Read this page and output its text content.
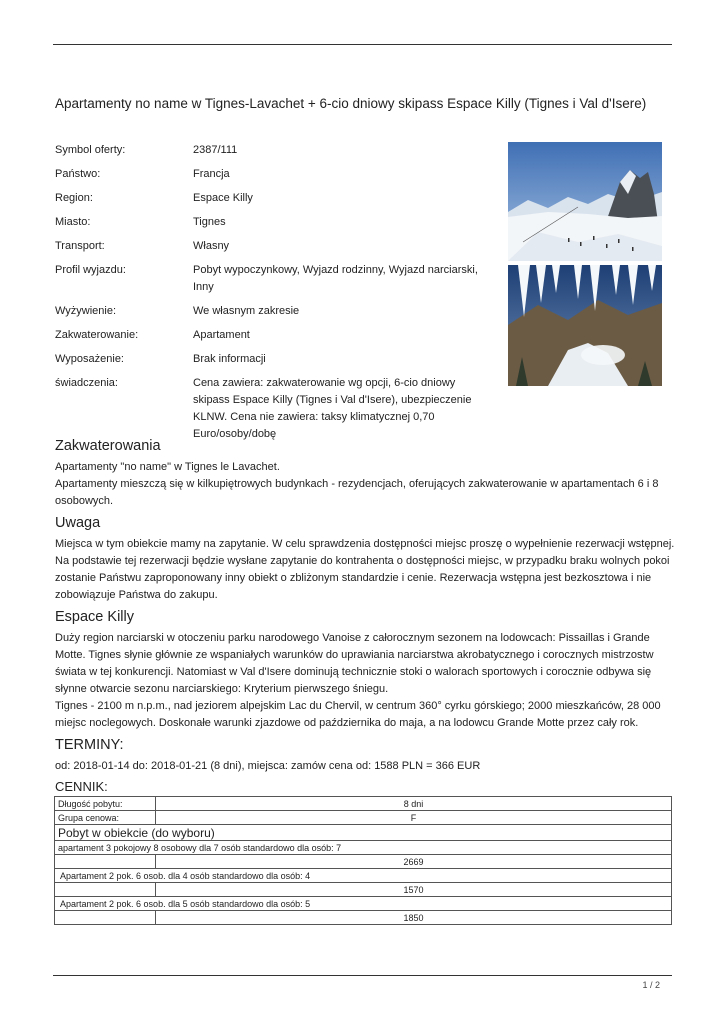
Apartamenty no name w Tignes-Lavachet + 6-cio dniowy skipass Espace Killy (Tignes i Val d'Isere)
Symbol oferty:	2387/111
Państwo:	Francja
Region:	Espace Killy
Miasto:	Tignes
Transport:	Własny
Profil wyjazdu:	Pobyt wypoczynkowy, Wyjazd rodzinny, Wyjazd narciarski, Inny
Wyżywienie:	We własnym zakresie
Zakwaterowanie:	Apartament
Wyposażenie:	Brak informacji
świadczenia:	Cena zawiera: zakwaterowanie wg opcji, 6-cio dniowy skipass Espace Killy (Tignes i Val d'Isere), ubezpieczenie KLNW. Cena nie zawiera: taksy klimatycznej 0,70 Euro/osoby/dobę
Zakwaterowania

Apartamenty "no name" w Tignes le Lavachet.

Apartamenty mieszczą się w kilkupiętrowych budynkach - rezydencjach, oferujących zakwaterowanie w apartamentach 6 i 8 osobowych.

Uwaga

Miejsca w tym obiekcie mamy na zapytanie. W celu sprawdzenia dostępności miejsc proszę o wypełnienie rezerwacji wstępnej. Na podstawie tej rezerwacji będzie wysłane zapytanie do kontrahenta o dostępności miejsc, w przypadku braku wolnych pokoi zostanie Państwu zaproponowany inny obiekt o zbliżonym standardzie i cenie. Rezerwacja wstępna jest bezkosztowa i nie zobowiązuje Państwa do zakupu.

Espace Killy

Duży region narciarski w otoczeniu parku narodowego Vanoise z całorocznym sezonem na lodowcach: Pissaillas i Grande Motte. Tignes słynie głównie ze wspaniałych warunków do uprawiania narciarstwa akrobatycznego i corocznych mistrzostw świata w tej konkurencji. Natomiast w Val d'Isere dominują technicznie stoki o walorach sportowych i corocznie odbywa się słynne otwarcie sezonu narciarskiego: Kryterium pierwszego śniegu.

Tignes - 2100 m n.p.m., nad jeziorem alpejskim Lac du Chervil, w centrum 360° cyrku górskiego; 2000 mieszkańców, 28 000 miejsc noclegowych. Doskonałe warunki zjazdowe od października do maja, a na lodowcu Grande Motte przez cały rok.

TERMINY:

od: 2018-01-14 do: 2018-01-21 (8 dni), miejsca: zamów cena od: 1588 PLN = 366 EUR

CENNIK:
Długość pobytu:	8 dni
Grupa cenowa:	F
Pobyt w obiekcie (do wyboru)	
apartament 3 pokojowy 8 osobowy dla 7 osób standardowo dla osób: 7	
	2669
Apartament 2 pok. 6 osob. dla 4 osób standardowo dla osób: 4	
	1570
Apartament 2 pok. 6 osob. dla 5 osób standardowo dla osób: 5	
	1850
1 / 2
